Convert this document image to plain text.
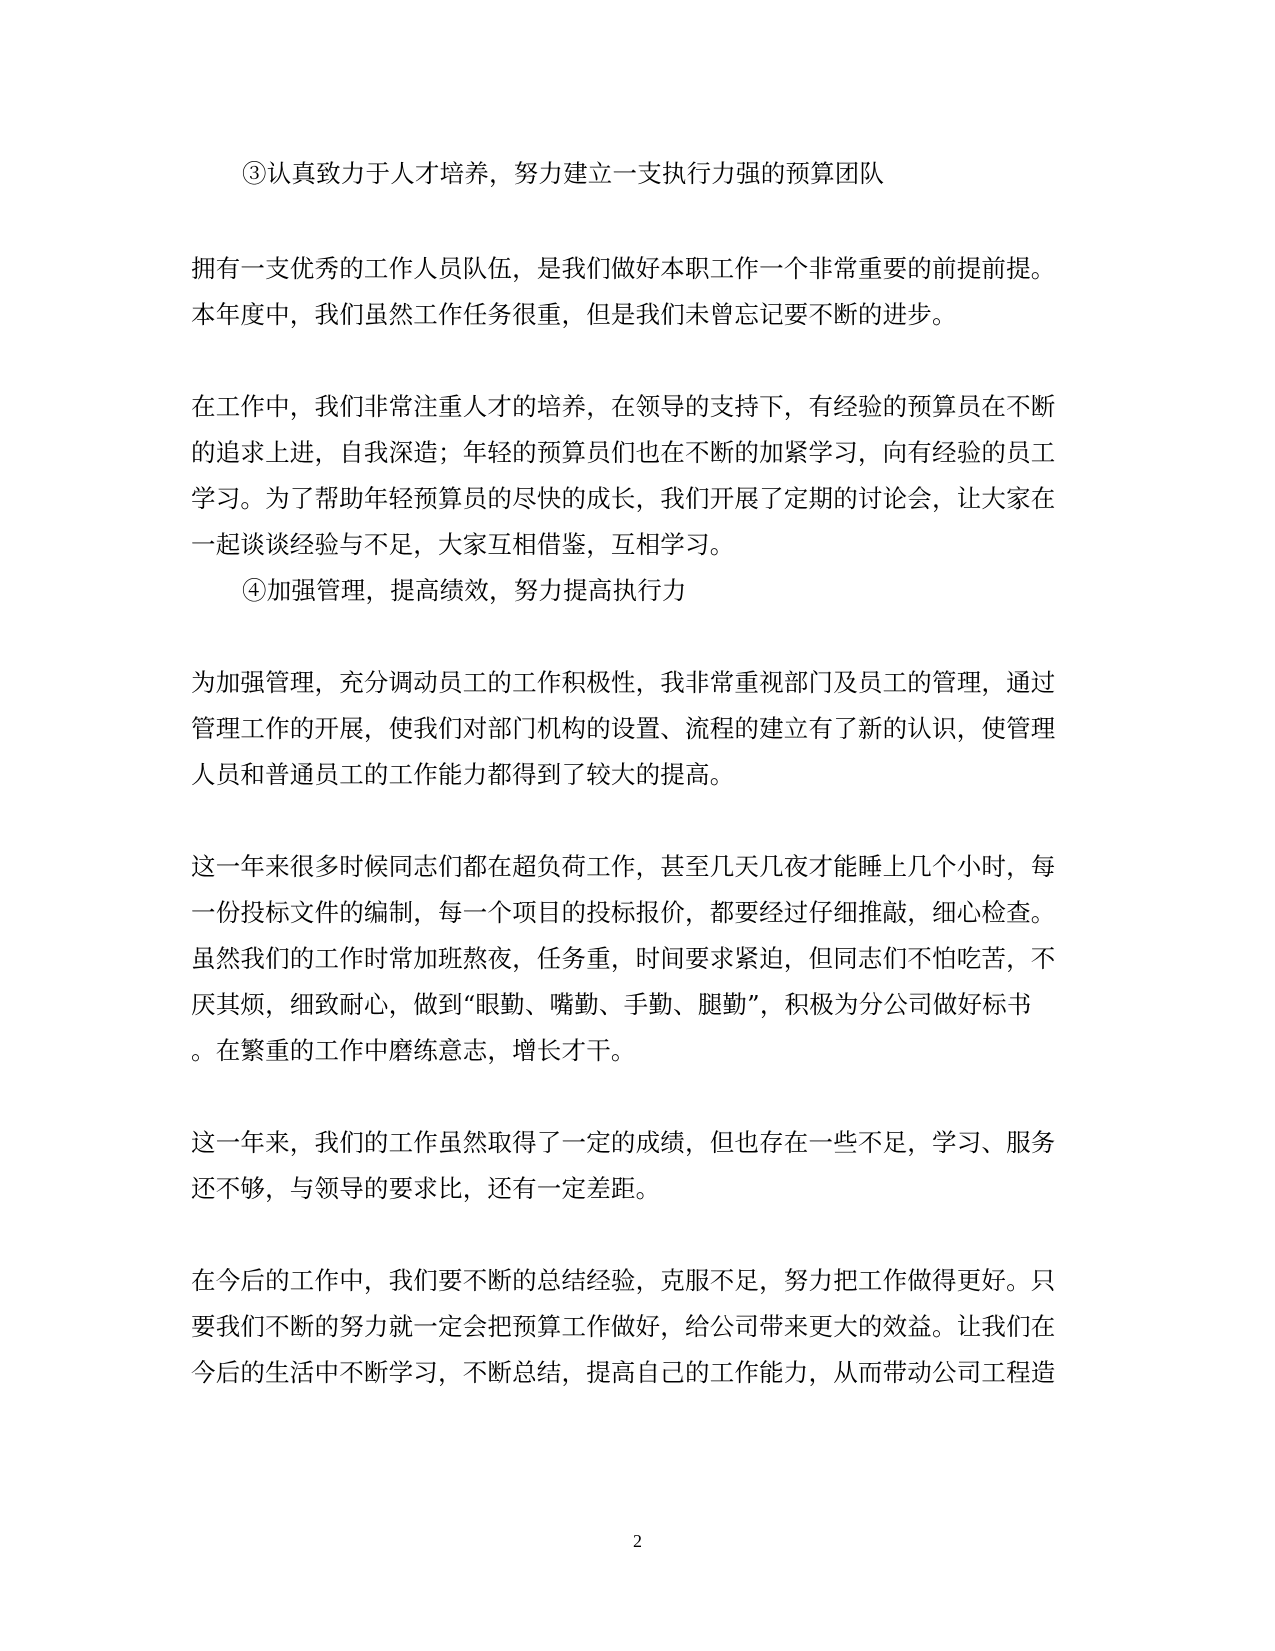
③认真致力于人才培养，努力建立一支执行力强的预算团队
拥有一支优秀的工作人员队伍，是我们做好本职工作一个非常重要的前提前提。
本年度中，我们虽然工作任务很重，但是我们未曾忘记要不断的进步。
在工作中，我们非常注重人才的培养，在领导的支持下，有经验的预算员在不断
的追求上进，自我深造；年轻的预算员们也在不断的加紧学习，向有经验的员工
学习。为了帮助年轻预算员的尽快的成长，我们开展了定期的讨论会，让大家在
一起谈谈经验与不足，大家互相借鉴，互相学习。
④加强管理，提高绩效，努力提高执行力
为加强管理，充分调动员工的工作积极性，我非常重视部门及员工的管理，通过
管理工作的开展，使我们对部门机构的设置、流程的建立有了新的认识，使管理
人员和普通员工的工作能力都得到了较大的提高。
这一年来很多时候同志们都在超负荷工作，甚至几天几夜才能睡上几个小时，每
一份投标文件的编制，每一个项目的投标报价，都要经过仔细推敲，细心检查。
虽然我们的工作时常加班熬夜，任务重，时间要求紧迫，但同志们不怕吃苦，不
厌其烦，细致耐心，做到“眼勤、嘴勤、手勤、腿勤”，积极为分公司做好标书
。在繁重的工作中磨练意志，增长才干。
这一年来，我们的工作虽然取得了一定的成绩，但也存在一些不足，学习、服务
还不够，与领导的要求比，还有一定差距。
在今后的工作中，我们要不断的总结经验，克服不足，努力把工作做得更好。只
要我们不断的努力就一定会把预算工作做好，给公司带来更大的效益。让我们在
今后的生活中不断学习，不断总结，提高自己的工作能力，从而带动公司工程造
2
